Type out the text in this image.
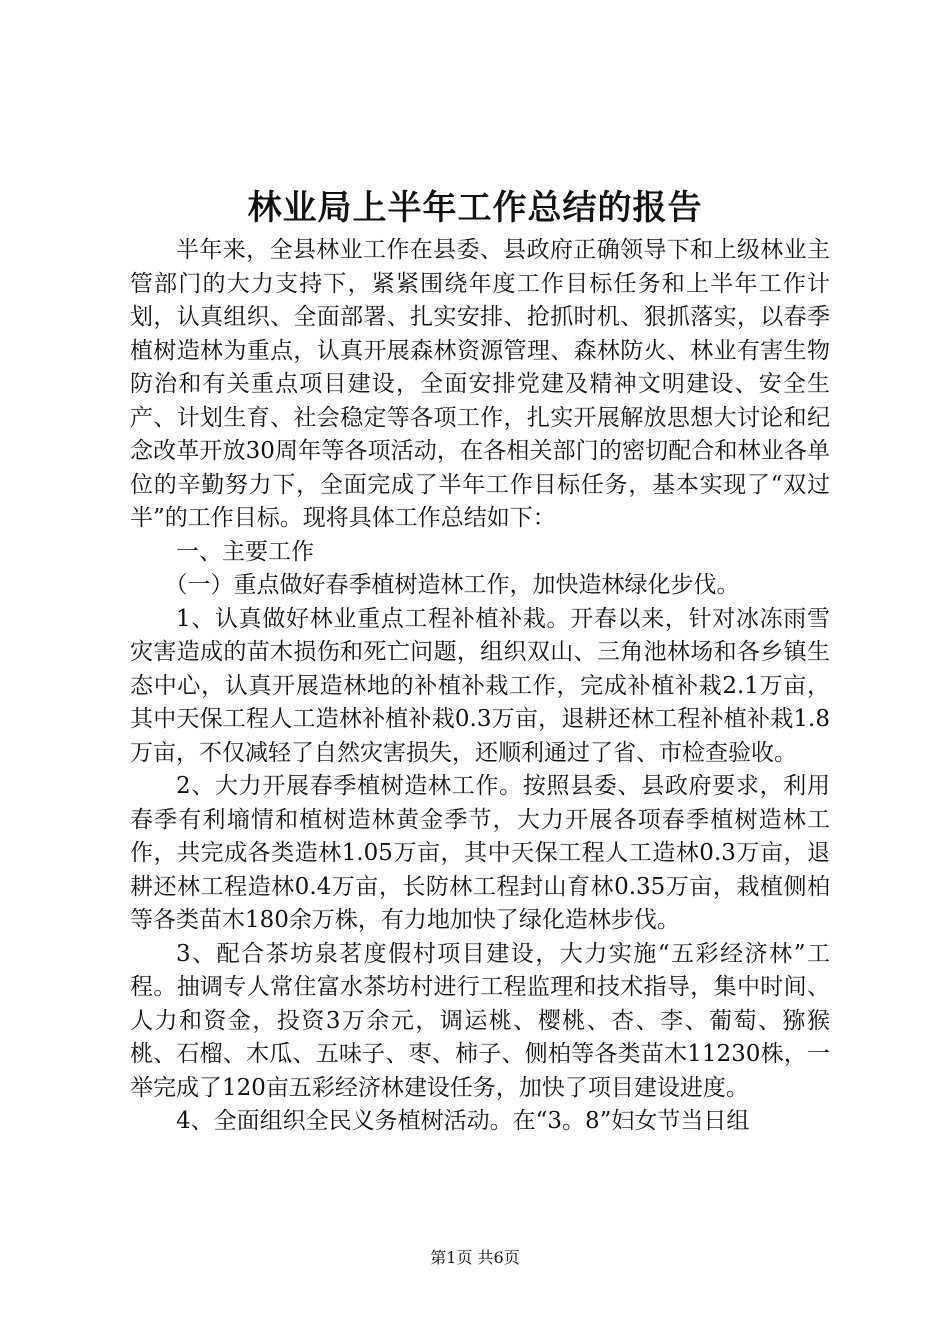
林业局上半年工作总结的报告

半年来，全县林业工作在县委、县政府正确领导下和上级林业主管部门的大力支持下，紧紧围绕年度工作目标任务和上半年工作计划，认真组织、全面部署、扎实安排、抢抓时机、狠抓落实，以春季植树造林为重点，认真开展森林资源管理、森林防火、林业有害生物防治和有关重点项目建设，全面安排党建及精神文明建设、安全生产、计划生育、社会稳定等各项工作，扎实开展解放思想大讨论和纪念改革开放30周年等各项活动，在各相关部门的密切配合和林业各单位的辛勤努力下，全面完成了半年工作目标任务，基本实现了“双过半”的工作目标。现将具体工作总结如下：

一、主要工作

（一）重点做好春季植树造林工作，加快造林绿化步伐。

1、认真做好林业重点工程补植补栽。开春以来，针对冰冻雨雪灾害造成的苗木损伤和死亡问题，组织双山、三角池林场和各乡镇生态中心，认真开展造林地的补植补栽工作，完成补植补栽2.1万亩，其中天保工程人工造林补植补栽0.3万亩，退耕还林工程补植补栽1.8万亩，不仅减轻了自然灾害损失，还顺利通过了省、市检查验收。

2、大力开展春季植树造林工作。按照县委、县政府要求，利用春季有利墒情和植树造林黄金季节，大力开展各项春季植树造林工作，共完成各类造林1.05万亩，其中天保工程人工造林0.3万亩，退耕还林工程造林0.4万亩，长防林工程封山育林0.35万亩，栽植侧柏等各类苗木180余万株，有力地加快了绿化造林步伐。

3、配合茶坊泉茗度假村项目建设，大力实施“五彩经济林”工程。抽调专人常住富水茶坊村进行工程监理和技术指导，集中时间、人力和资金，投资3万余元，调运桃、樱桃、杏、李、葡萄、猕猴桃、石榴、木瓜、五味子、枣、柿子、侧柏等各类苗木11230株，一举完成了120亩五彩经济林建设任务，加快了项目建设进度。

4、全面组织全民义务植树活动。在“3。8”妇女节当日组

第1页 共6页
